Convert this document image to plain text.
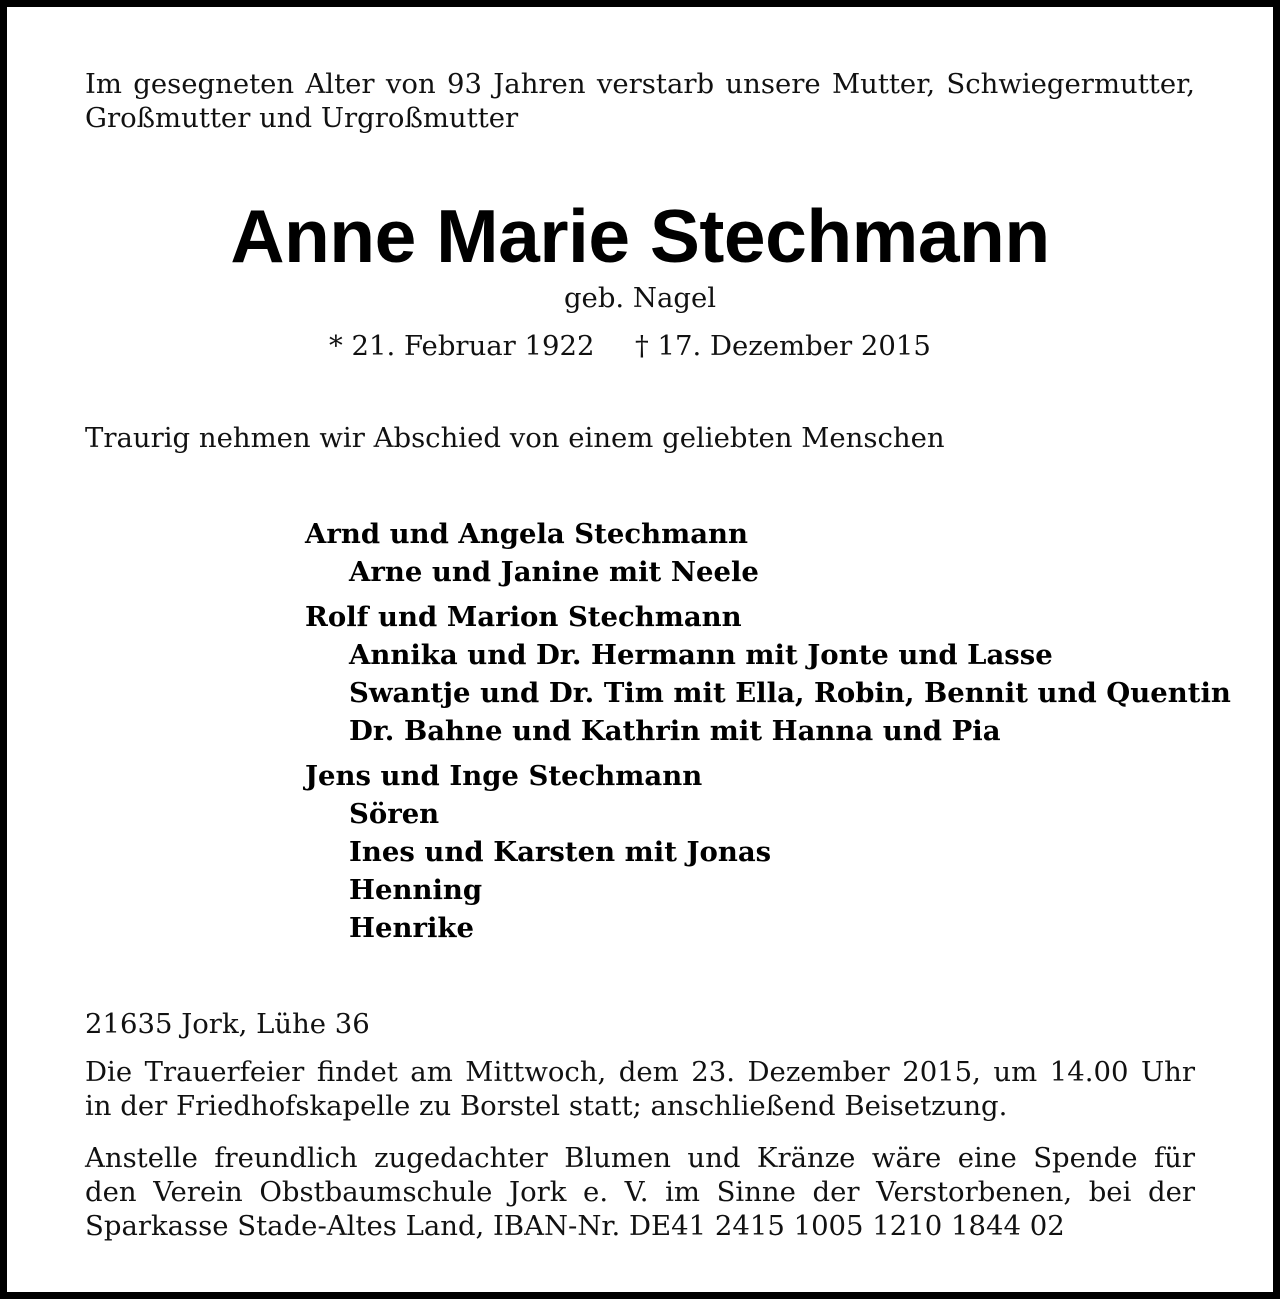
Im gesegneten Alter von 93 Jahren verstarb unsere Mutter, Schwiegermutter,
Großmutter und Urgroßmutter

Anne Marie Stechmann
geb. Nagel
* 21. Februar 1922 † 17. Dezember 2015
Traurig nehmen wir Abschied von einem geliebten Menschen
Arnd und Angela Stechmann
Arne und Janine mit Neele
Rolf und Marion Stechmann
Annika und Dr. Hermann mit Jonte und Lasse
Swantje und Dr. Tim mit Ella, Robin, Bennit und Quentin
Dr. Bahne und Kathrin mit Hanna und Pia
Jens und Inge Stechmann
Sören
Ines und Karsten mit Jonas
Henning
Henrike
21635 Jork, Lühe 36

Die Trauerfeier findet am Mittwoch, dem 23. Dezember 2015, um 14.00 Uhr
in der Friedhofskapelle zu Borstel statt; anschließend Beisetzung.

Anstelle freundlich zugedachter Blumen und Kränze wäre eine Spende für
den Verein Obstbaumschule Jork e. V. im Sinne der Verstorbenen, bei der
Sparkasse Stade-Altes Land, IBAN-Nr. DE41 2415 1005 1210 1844 02
